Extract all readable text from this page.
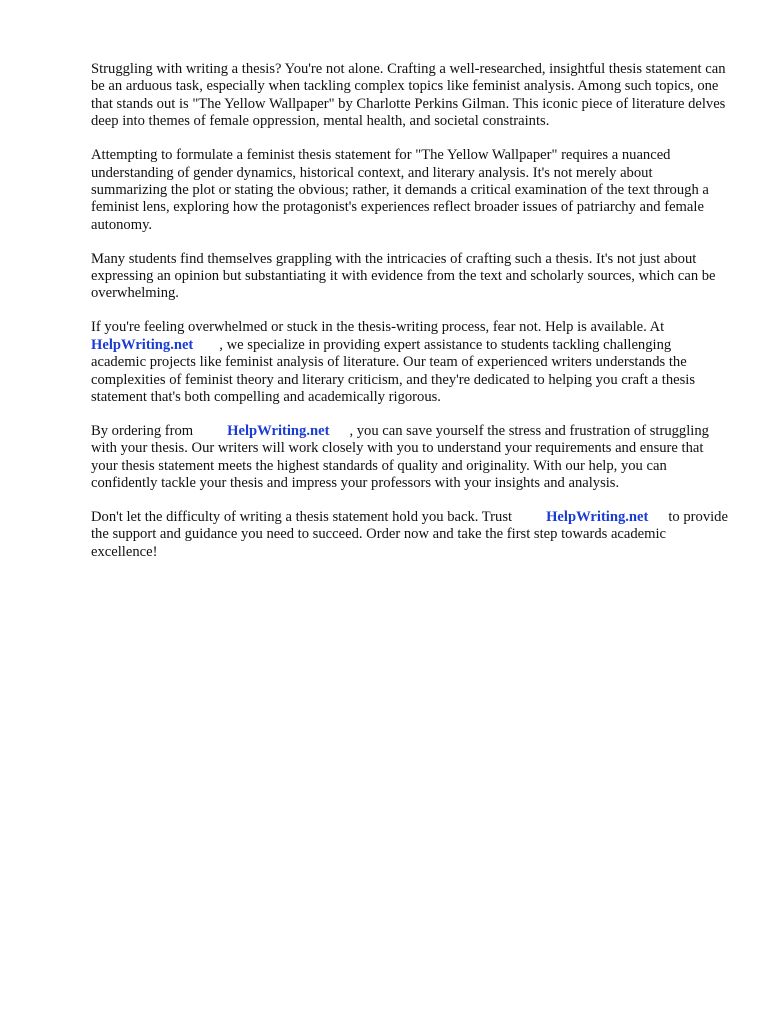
Struggling with writing a thesis? You're not alone. Crafting a well-researched, insightful thesis statement can be an arduous task, especially when tackling complex topics like feminist analysis. Among such topics, one that stands out is "The Yellow Wallpaper" by Charlotte Perkins Gilman. This iconic piece of literature delves deep into themes of female oppression, mental health, and societal constraints.

Attempting to formulate a feminist thesis statement for "The Yellow Wallpaper" requires a nuanced understanding of gender dynamics, historical context, and literary analysis. It's not merely about summarizing the plot or stating the obvious; rather, it demands a critical examination of the text through a feminist lens, exploring how the protagonist's experiences reflect broader issues of patriarchy and female autonomy.

Many students find themselves grappling with the intricacies of crafting such a thesis. It's not just about expressing an opinion but substantiating it with evidence from the text and scholarly sources, which can be overwhelming.

If you're feeling overwhelmed or stuck in the thesis-writing process, fear not. Help is available. At
HelpWriting.net , we specialize in providing expert assistance to students tackling challenging academic projects like feminist analysis of literature. Our team of experienced writers understands the complexities of feminist theory and literary criticism, and they're dedicated to helping you craft a thesis statement that's both compelling and academically rigorous.

By ordering from HelpWriting.net , you can save yourself the stress and frustration of struggling with your thesis. Our writers will work closely with you to understand your requirements and ensure that your thesis statement meets the highest standards of quality and originality. With our help, you can confidently tackle your thesis and impress your professors with your insights and analysis.

Don't let the difficulty of writing a thesis statement hold you back. Trust HelpWriting.net to provide the support and guidance you need to succeed. Order now and take the first step towards academic excellence!
